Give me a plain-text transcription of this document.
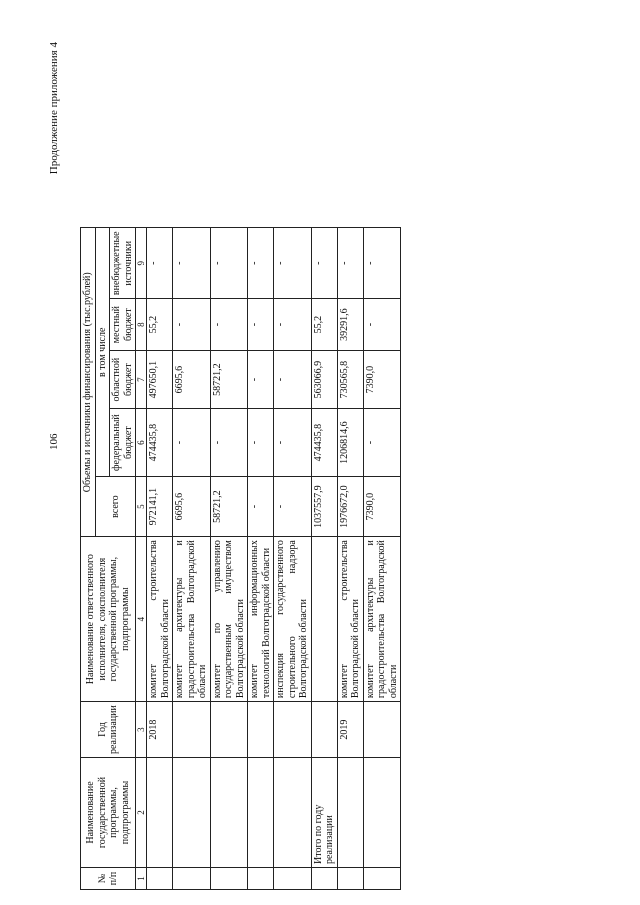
106
Продолжение приложения 4
№ п/п	Наименование государственной программы, подпрограммы	Год реализации	Наименование ответственного исполнителя, соисполнителя государственной программы, подпрограммы	Объемы и источники финансирования (тыс.рублей)				
				всего	в том числе			
					федеральный бюджет	областной бюджет	местный бюджет	внебюджетные источники
1	2	3	4	5	6	7	8	9
		2018	комитет строительства Волгоградской области	972141,1	474435,8	497650,1	55,2	-
			комитет архитектуры и градостроительства Волгоградской области	6695,6	-	6695,6	-	-
			комитет по управлению государственным имуществом Волгоградской области	58721,2	-	58721,2	-	-
			комитет информационных технологий Волгоградской области	-	-	-	-	-
			инспекция государственного строительного надзора Волгоградской области	-	-	-	-	-
	Итого по году реализации			1037557,9	474435,8	563066,9	55,2	-
		2019	комитет строительства Волгоградской области	1976672,0	1206814,6	730565,8	39291,6	-
			комитет архитектуры и градостроительства Волгоградской области	7390,0	-	7390,0	-	-
